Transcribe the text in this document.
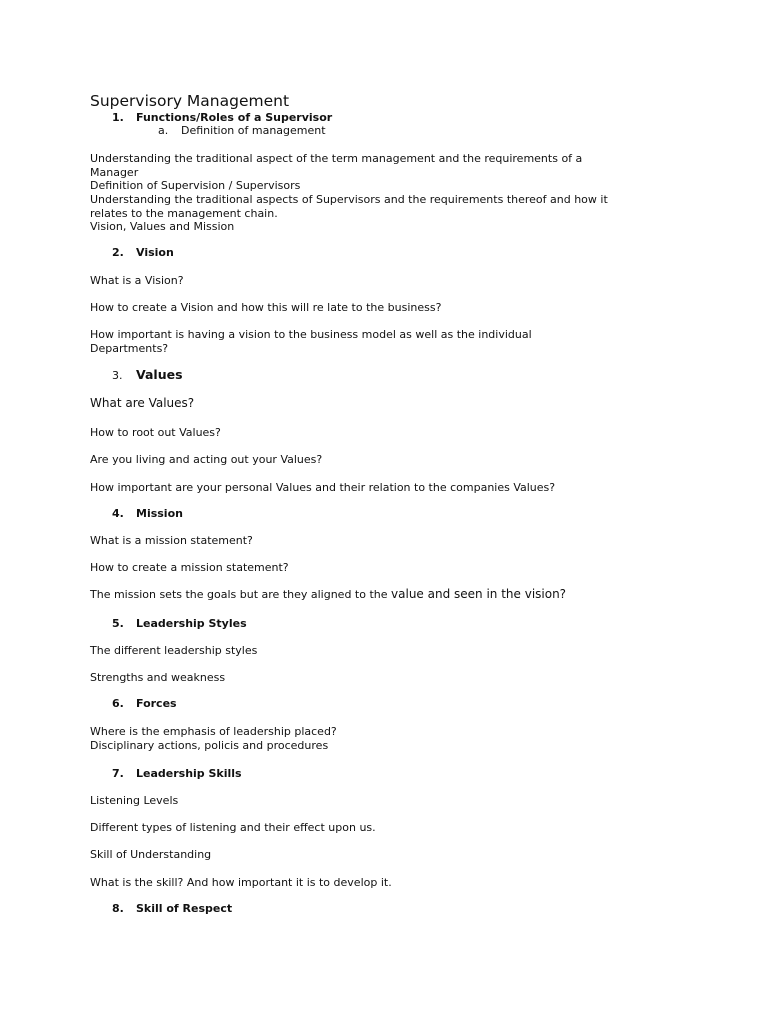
Supervisory Management
1. Functions/Roles of a Supervisor
a. Definition of management

Understanding the traditional aspect of the term management and the requirements of a Manager

Definition of Supervision / Supervisors

Understanding the traditional aspects of Supervisors and the requirements thereof and how it relates to the management chain.

Vision, Values and Mission

2. Vision

What is a Vision?

How to create a Vision and how this will re late to the business?

How important is having a vision to the business model as well as the individual Departments?

3. Values

What are Values?

How to root out Values?

Are you living and acting out your Values?

How important are your personal Values and their relation to the companies Values?

4. Mission

What is a mission statement?

How to create a mission statement?

The mission sets the goals but are they aligned to the value and seen in the vision?

5. Leadership Styles

The different leadership styles

Strengths and weakness

6. Forces

Where is the emphasis of leadership placed?

Disciplinary actions, policis and procedures

7. Leadership Skills

Listening Levels

Different types of listening and their effect upon us.

Skill of Understanding

What is the skill? And how important it is to develop it.

8. Skill of Respect
